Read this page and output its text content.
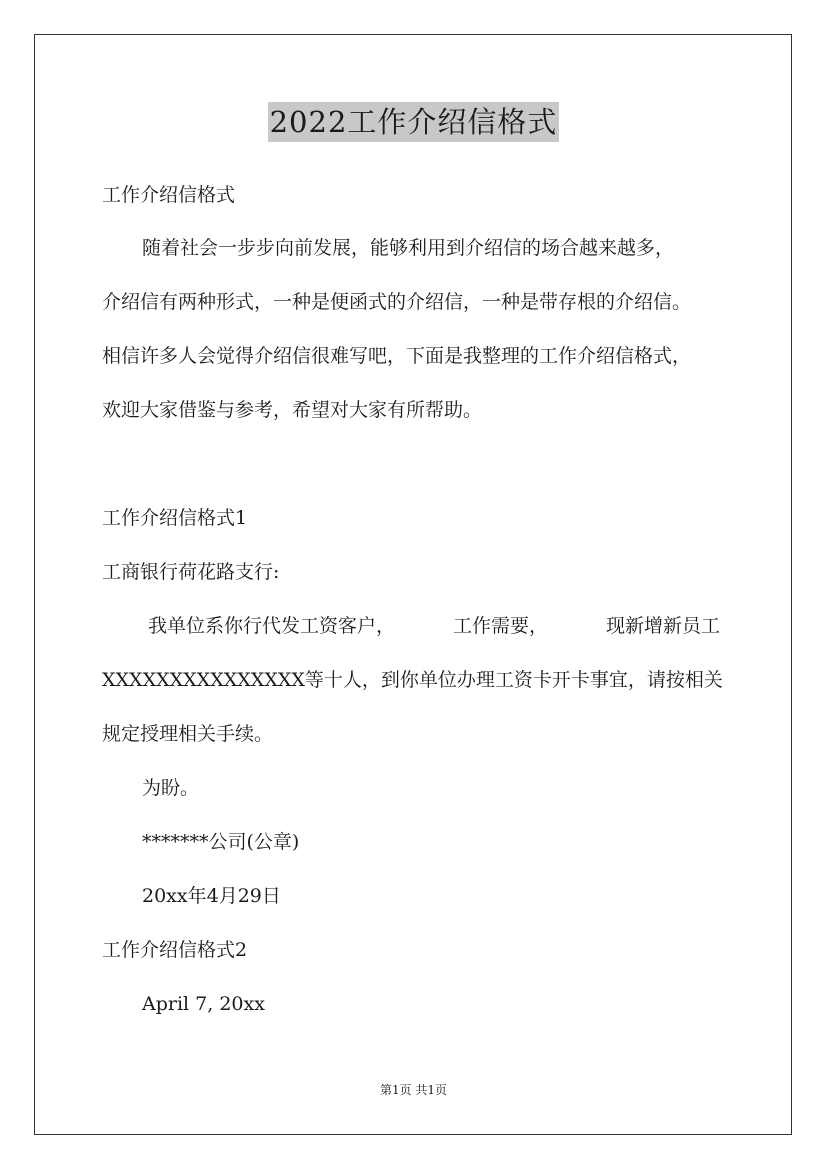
2022工作介绍信格式
工作介绍信格式
随着社会一步步向前发展，能够利用到介绍信的场合越来越多，
介绍信有两种形式，一种是便函式的介绍信，一种是带存根的介绍信。
相信许多人会觉得介绍信很难写吧，下面是我整理的工作介绍信格式，
欢迎大家借鉴与参考，希望对大家有所帮助。
工作介绍信格式1
工商银行荷花路支行:
我单位系你行代发工资客户，	工作需要，	现新增新员工
XXXXXXXXXXXXXXX等十人，到你单位办理工资卡开卡事宜，请按相关
规定授理相关手续。
为盼。
*******公司(公章)
20xx年4月29日
工作介绍信格式2
April 7, 20xx
第1页 共1页
